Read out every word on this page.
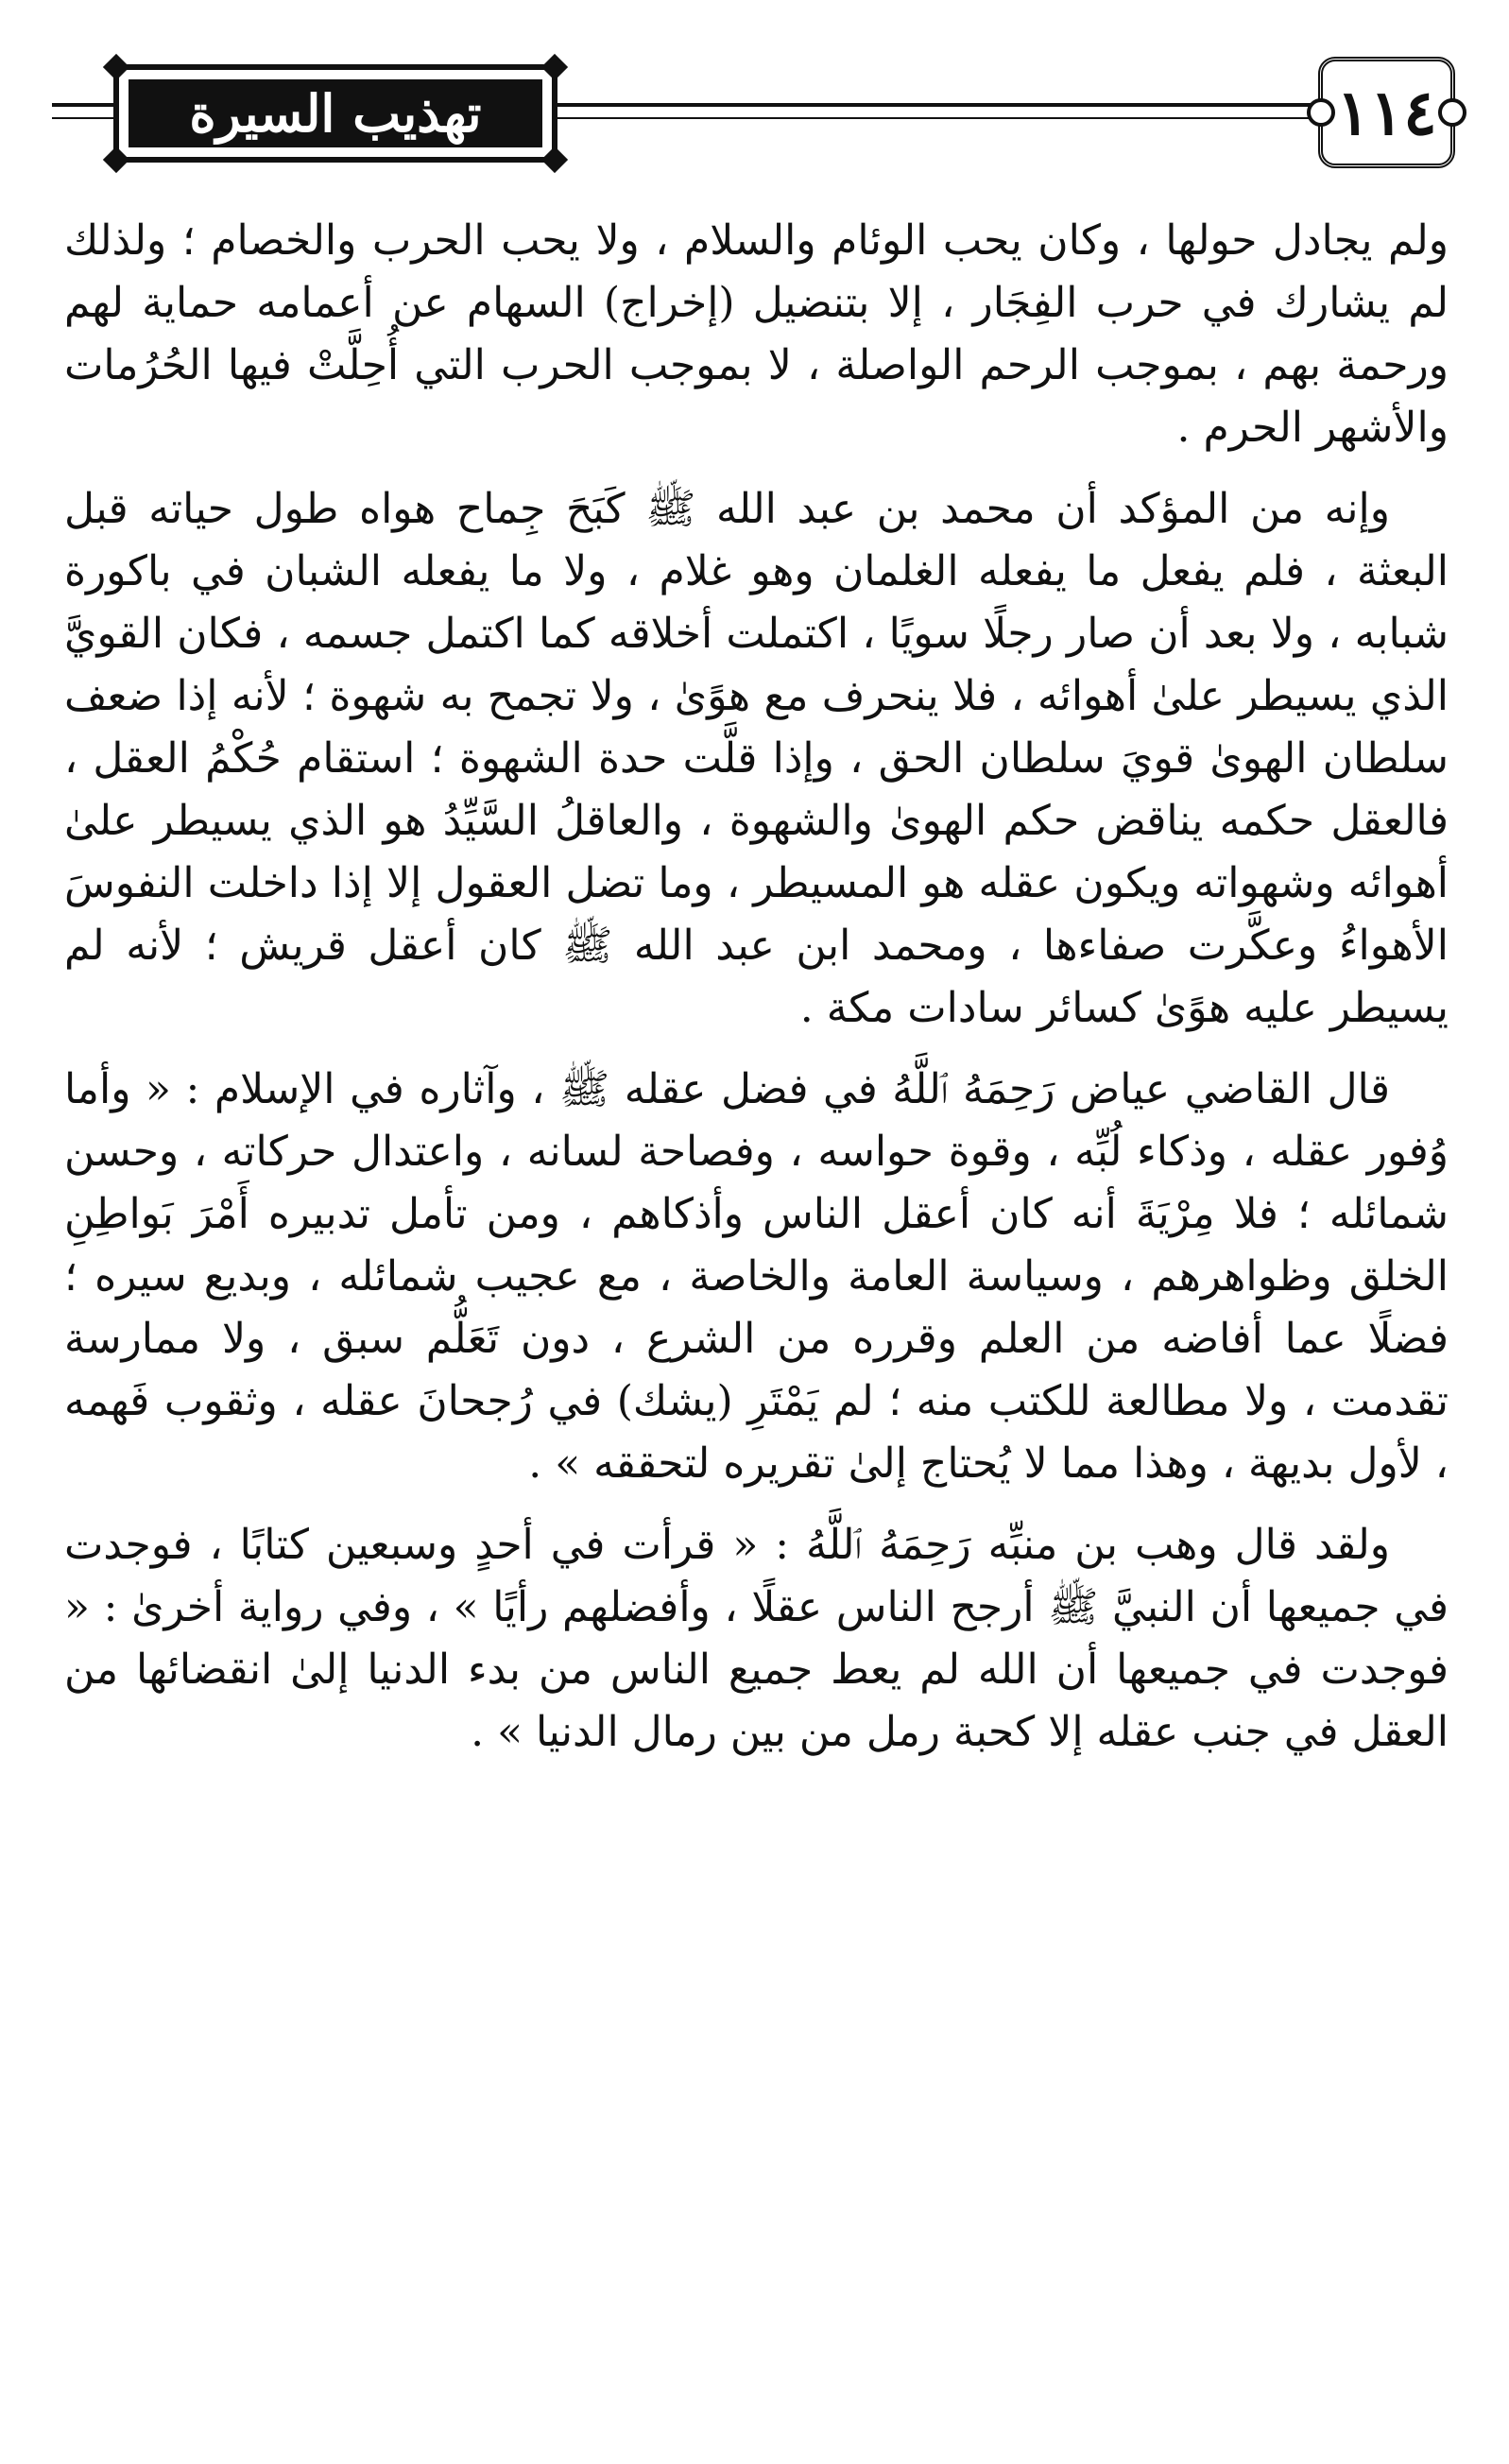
تهذيب السيرة	١١٤

ولم يجادل حولها ، وكان يحب الوئام والسلام ، ولا يحب الحرب والخصام ؛ ولذلك لم يشارك في حرب الفِجَار ، إلا بتنضيل (إخراج) السهام عن أعمامه حماية لهم ورحمة بهم ، بموجب الرحم الواصلة ، لا بموجب الحرب التي أُحِلَّتْ فيها الحُرُمات والأشهر الحرم .

وإنه من المؤكد أن محمد بن عبد الله ﷺ كَبَحَ جِماح هواه طول حياته قبل البعثة ، فلم يفعل ما يفعله الغلمان وهو غلام ، ولا ما يفعله الشبان في باكورة شبابه ، ولا بعد أن صار رجلًا سويًا ، اكتملت أخلاقه كما اكتمل جسمه ، فكان القويَّ الذي يسيطر علىٰ أهوائه ، فلا ينحرف مع هوًىٰ ، ولا تجمح به شهوة ؛ لأنه إذا ضعف سلطان الهوىٰ قويَ سلطان الحق ، وإذا قلَّت حدة الشهوة ؛ استقام حُكْمُ العقل ، فالعقل حكمه يناقض حكم الهوىٰ والشهوة ، والعاقلُ السَّيِّدُ هو الذي يسيطر علىٰ أهوائه وشهواته ويكون عقله هو المسيطر ، وما تضل العقول إلا إذا داخلت النفوسَ الأهواءُ وعكَّرت صفاءها ، ومحمد ابن عبد الله ﷺ كان أعقل قريش ؛ لأنه لم يسيطر عليه هوًىٰ كسائر سادات مكة .

قال القاضي عياض رَحِمَهُ ٱللَّهُ في فضل عقله ﷺ ، وآثاره في الإسلام : « وأما وُفور عقله ، وذكاء لُبِّه ، وقوة حواسه ، وفصاحة لسانه ، واعتدال حركاته ، وحسن شمائله ؛ فلا مِرْيَةَ أنه كان أعقل الناس وأذكاهم ، ومن تأمل تدبيره أَمْرَ بَواطِنِ الخلق وظواهرهم ، وسياسة العامة والخاصة ، مع عجيب شمائله ، وبديع سيره ؛ فضلًا عما أفاضه من العلم وقرره من الشرع ، دون تَعَلُّم سبق ، ولا ممارسة تقدمت ، ولا مطالعة للكتب منه ؛ لم يَمْتَرِ (يشك) في رُجحانَ عقله ، وثقوب فَهمه ، لأول بديهة ، وهذا مما لا يُحتاج إلىٰ تقريره لتحققه » .

ولقد قال وهب بن منبِّه رَحِمَهُ ٱللَّهُ : « قرأت في أحدٍ وسبعين كتابًا ، فوجدت في جميعها أن النبيَّ ﷺ أرجح الناس عقلًا ، وأفضلهم رأيًا » ، وفي رواية أخرىٰ : « فوجدت في جميعها أن الله لم يعط جميع الناس من بدء الدنيا إلىٰ انقضائها من العقل في جنب عقله إلا كحبة رمل من بين رمال الدنيا » .
